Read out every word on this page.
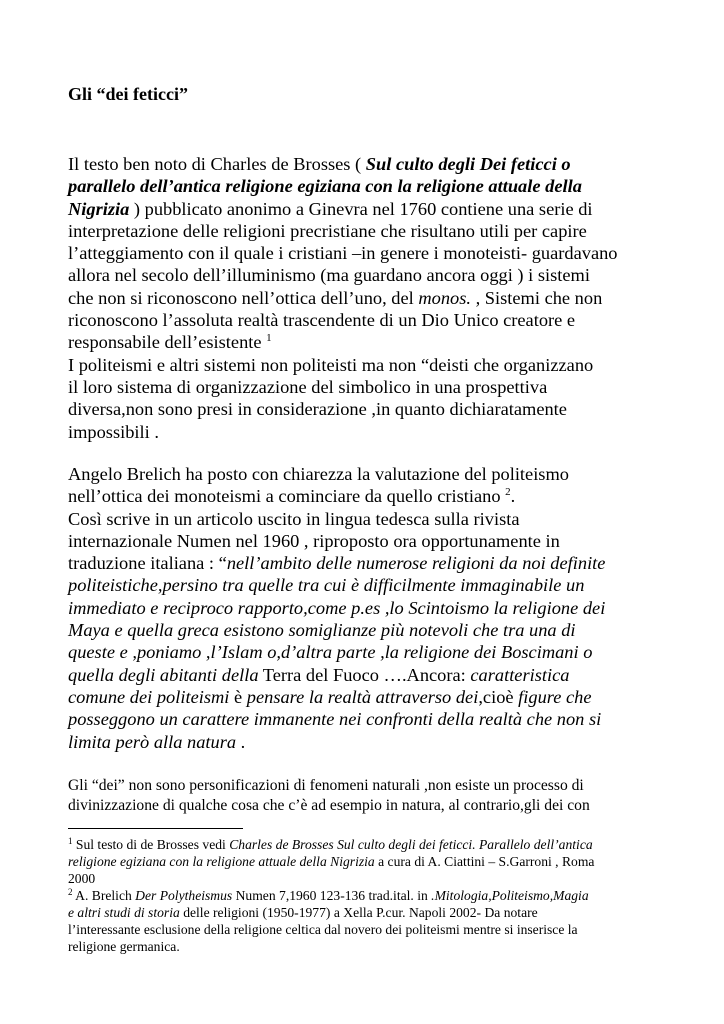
Gli “dei feticci”
Il testo ben noto di Charles de Brosses ( Sul culto degli Dei feticci o
parallelo dell’antica religione egiziana con la religione attuale della
Nigrizia ) pubblicato anonimo a Ginevra nel 1760 contiene una serie di
interpretazione delle religioni precristiane che risultano utili per capire
l’atteggiamento con il quale i cristiani –in genere i monoteisti- guardavano
allora nel secolo dell’illuminismo (ma guardano ancora oggi ) i sistemi
che non si riconoscono nell’ottica dell’uno, del monos. , Sistemi che non
riconoscono l’assoluta realtà trascendente di un Dio Unico creatore e
responsabile dell’esistente $^1$
I politeismi e altri sistemi non politeisti ma non “deisti che organizzano
il loro sistema di organizzazione del simbolico in una prospettiva
diversa,non sono presi in considerazione ,in quanto dichiaratamente
impossibili .
Angelo Brelich ha posto con chiarezza la valutazione del politeismo
nell’ottica dei monoteismi a cominciare da quello cristiano $^2$.
Così scrive in un articolo uscito in lingua tedesca sulla rivista
internazionale Numen nel 1960 , riproposto ora opportunamente in
traduzione italiana : “nell’ambito delle numerose religioni da noi definite
politeistiche,persino tra quelle tra cui è difficilmente immaginabile un
immediato e reciproco rapporto,come p.es ,lo Scintoismo la religione dei
Maya e quella greca esistono somiglianze più notevoli che tra una di
queste e ,poniamo ,l’Islam o,d’altra parte ,la religione dei Boscimani o
quella degli abitanti della Terra del Fuoco ….Ancora: caratteristica
comune dei politeismi è pensare la realtà attraverso dei,cioè figure che
posseggono un carattere immanente nei confronti della realtà che non si
limita però alla natura .
Gli “dei” non sono personificazioni di fenomeni naturali ,non esiste un processo di
divinizzazione di qualche cosa che c’è ad esempio in natura, al contrario,gli dei con
$^1$ Sul testo di de Brosses vedi Charles de Brosses Sul culto degli dei feticci. Parallelo dell’antica
religione egiziana con la religione attuale della Nigrizia a cura di A. Ciattini – S.Garroni , Roma
2000
$^2$ A. Brelich Der Polytheismus Numen 7,1960 123-136 trad.ital. in .Mitologia,Politeismo,Magia
e altri studi di storia delle religioni (1950-1977) a Xella P.cur. Napoli 2002- Da notare
l’interessante esclusione della religione celtica dal novero dei politeismi mentre si inserisce la
religione germanica.
